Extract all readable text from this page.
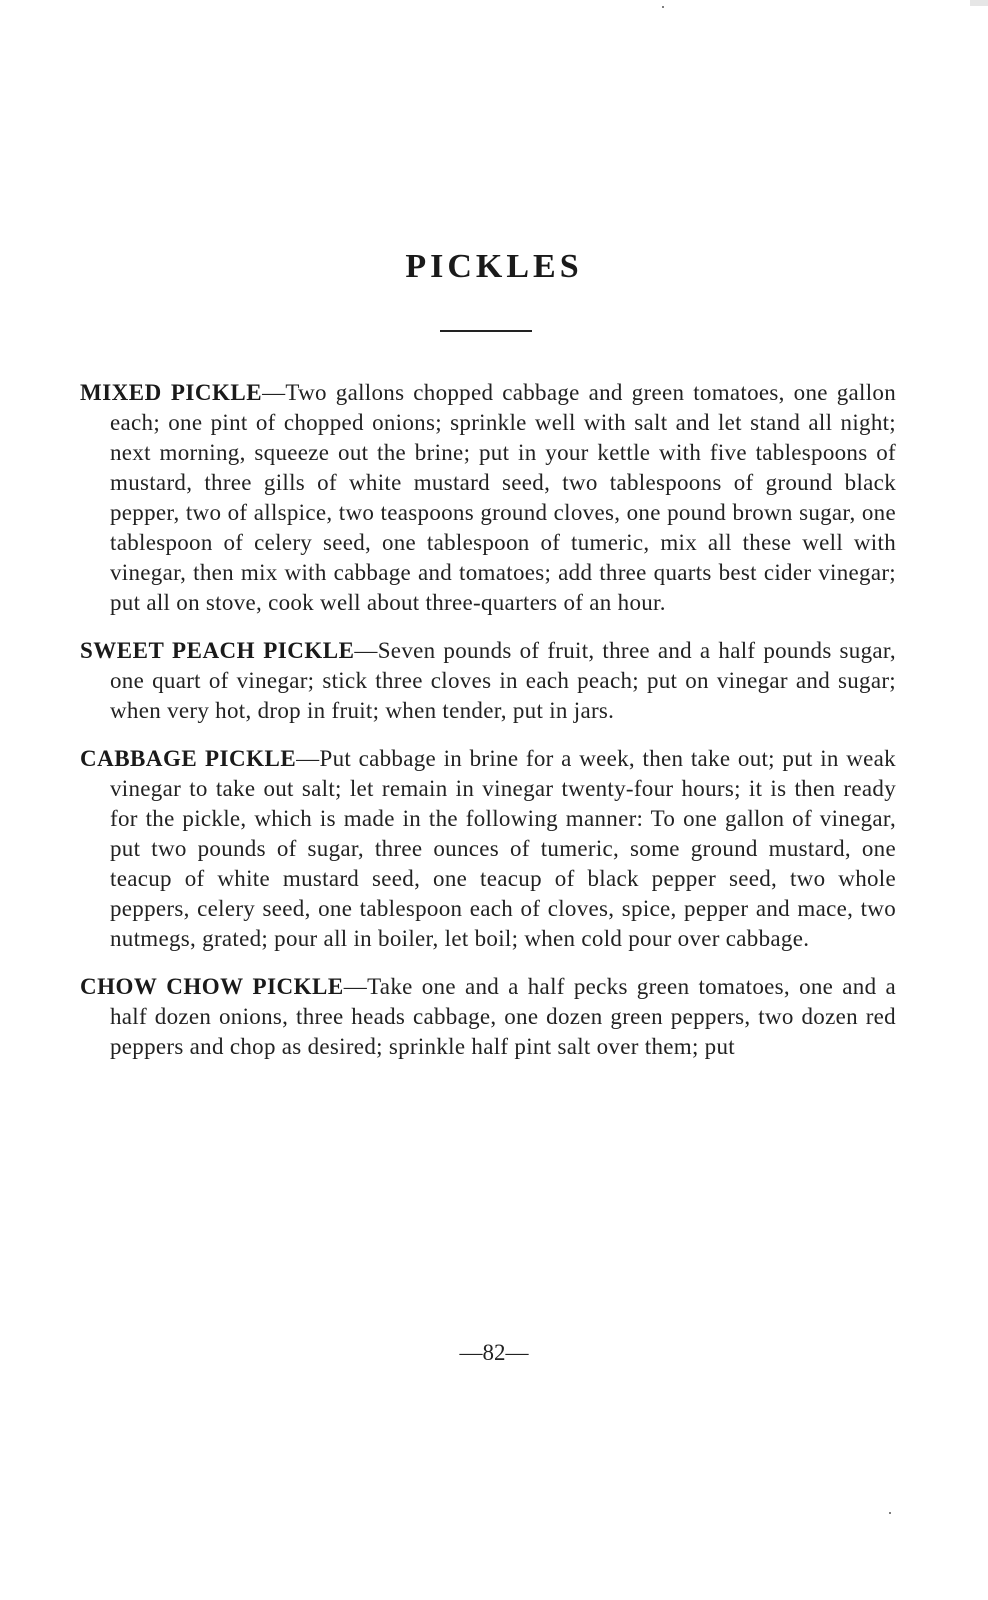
PICKLES

MIXED PICKLE—Two gallons chopped cabbage and green tomatoes, one gallon each; one pint of chopped onions; sprinkle well with salt and let stand all night; next morning, squeeze out the brine; put in your kettle with five tablespoons of mustard, three gills of white mustard seed, two tablespoons of ground black pepper, two of allspice, two teaspoons ground cloves, one pound brown sugar, one tablespoon of celery seed, one tablespoon of tumeric, mix all these well with vinegar, then mix with cabbage and tomatoes; add three quarts best cider vinegar; put all on stove, cook well about three-quarters of an hour.

SWEET PEACH PICKLE—Seven pounds of fruit, three and a half pounds sugar, one quart of vinegar; stick three cloves in each peach; put on vinegar and sugar; when very hot, drop in fruit; when tender, put in jars.

CABBAGE PICKLE—Put cabbage in brine for a week, then take out; put in weak vinegar to take out salt; let remain in vinegar twenty-four hours; it is then ready for the pickle, which is made in the following manner: To one gallon of vinegar, put two pounds of sugar, three ounces of tumeric, some ground mustard, one teacup of white mustard seed, one teacup of black pepper seed, two whole peppers, celery seed, one tablespoon each of cloves, spice, pepper and mace, two nutmegs, grated; pour all in boiler, let boil; when cold pour over cabbage.

CHOW CHOW PICKLE—Take one and a half pecks green tomatoes, one and a half dozen onions, three heads cabbage, one dozen green peppers, two dozen red peppers and chop as desired; sprinkle half pint salt over them; put

—82—
